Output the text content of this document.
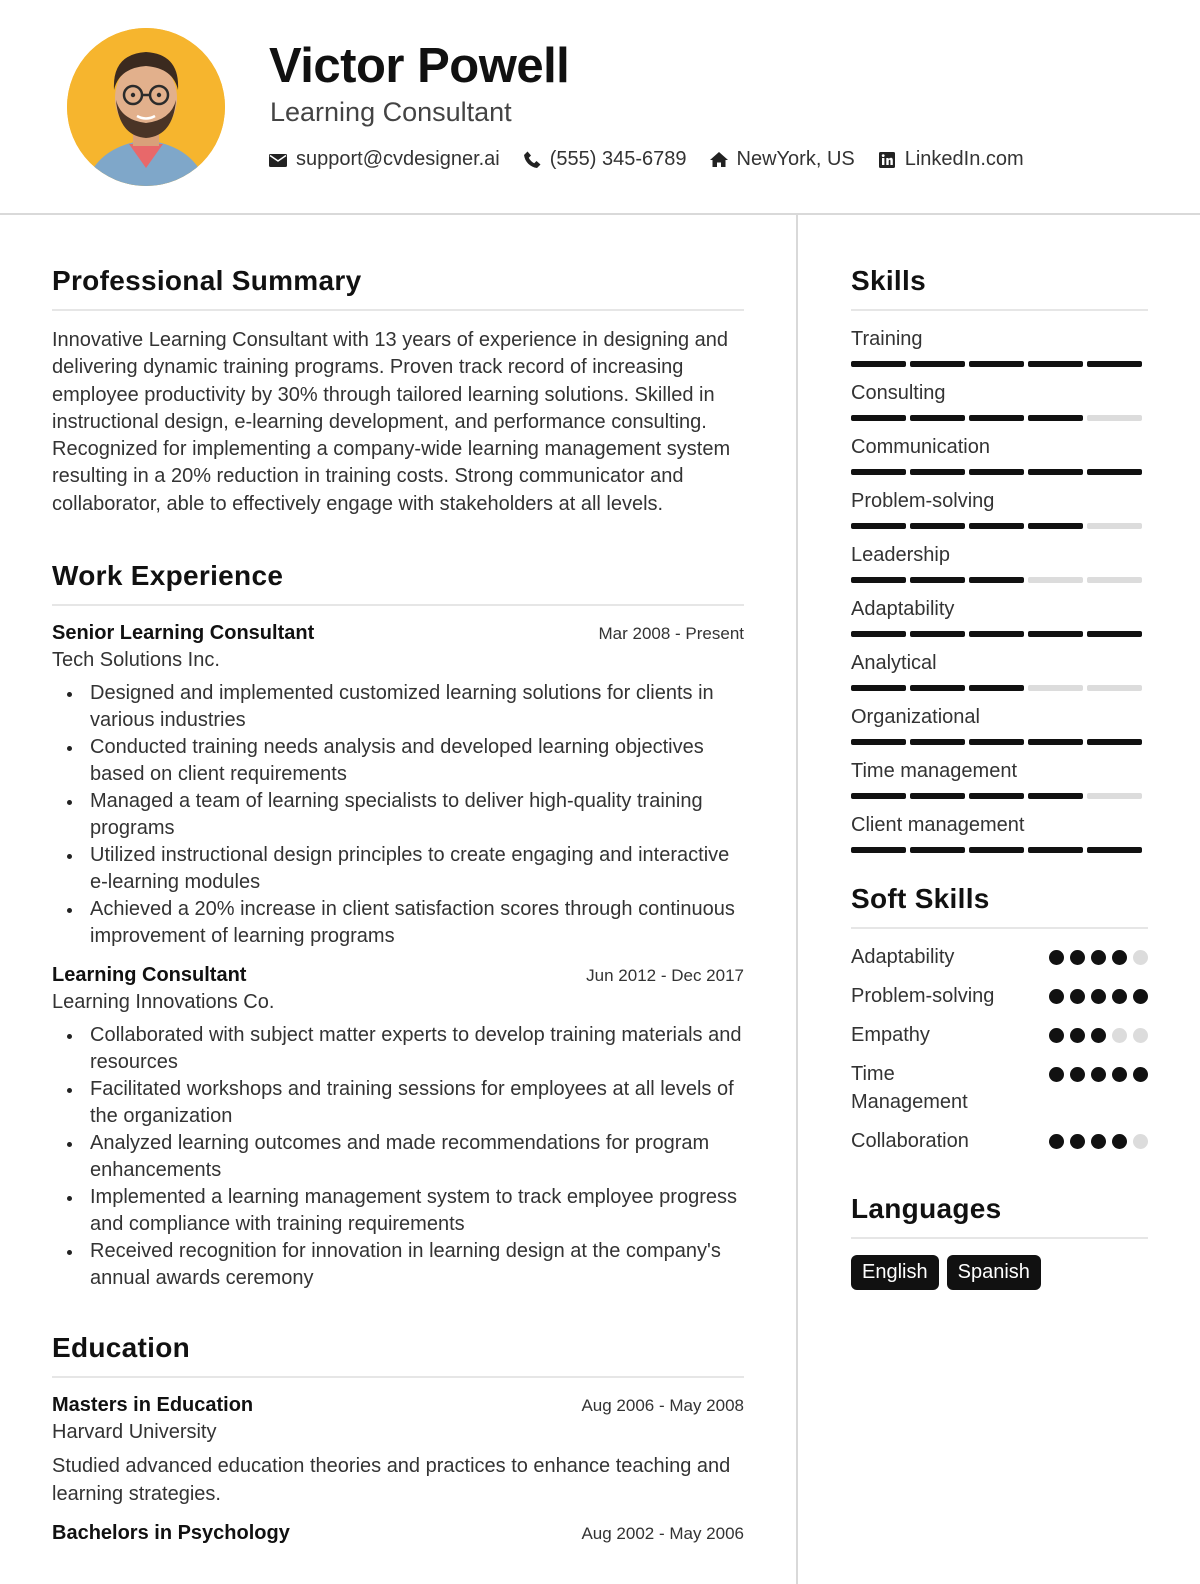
Victor Powell
Learning Consultant
support@cvdesigner.ai	(555) 345-6789	NewYork, US	LinkedIn.com
Professional Summary

Innovative Learning Consultant with 13 years of experience in designing and delivering dynamic training programs. Proven track record of increasing employee productivity by 30% through tailored learning solutions. Skilled in instructional design, e-learning development, and performance consulting. Recognized for implementing a company-wide learning management system resulting in a 20% reduction in training costs. Strong communicator and collaborator, able to effectively engage with stakeholders at all levels.

Work Experience
Senior Learning Consultant	Mar 2008 - Present
Tech Solutions Inc.
Designed and implemented customized learning solutions for clients in various industries
Conducted training needs analysis and developed learning objectives based on client requirements
Managed a team of learning specialists to deliver high-quality training programs
Utilized instructional design principles to create engaging and interactive e-learning modules
Achieved a 20% increase in client satisfaction scores through continuous improvement of learning programs
Learning Consultant	Jun 2012 - Dec 2017
Learning Innovations Co.
Collaborated with subject matter experts to develop training materials and resources
Facilitated workshops and training sessions for employees at all levels of the organization
Analyzed learning outcomes and made recommendations for program enhancements
Implemented a learning management system to track employee progress and compliance with training requirements
Received recognition for innovation in learning design at the company's annual awards ceremony
Education
Masters in Education	Aug 2006 - May 2008
Harvard University

Studied advanced education theories and practices to enhance teaching and learning strategies.

Bachelors in Psychology	Aug 2002 - May 2006
Skills
Training
Consulting
Communication
Problem-solving
Leadership
Adaptability
Analytical
Organizational
Time management
Client management
Soft Skills
Adaptability
Problem-solving
Empathy
Time Management
Collaboration
Languages
English	Spanish
